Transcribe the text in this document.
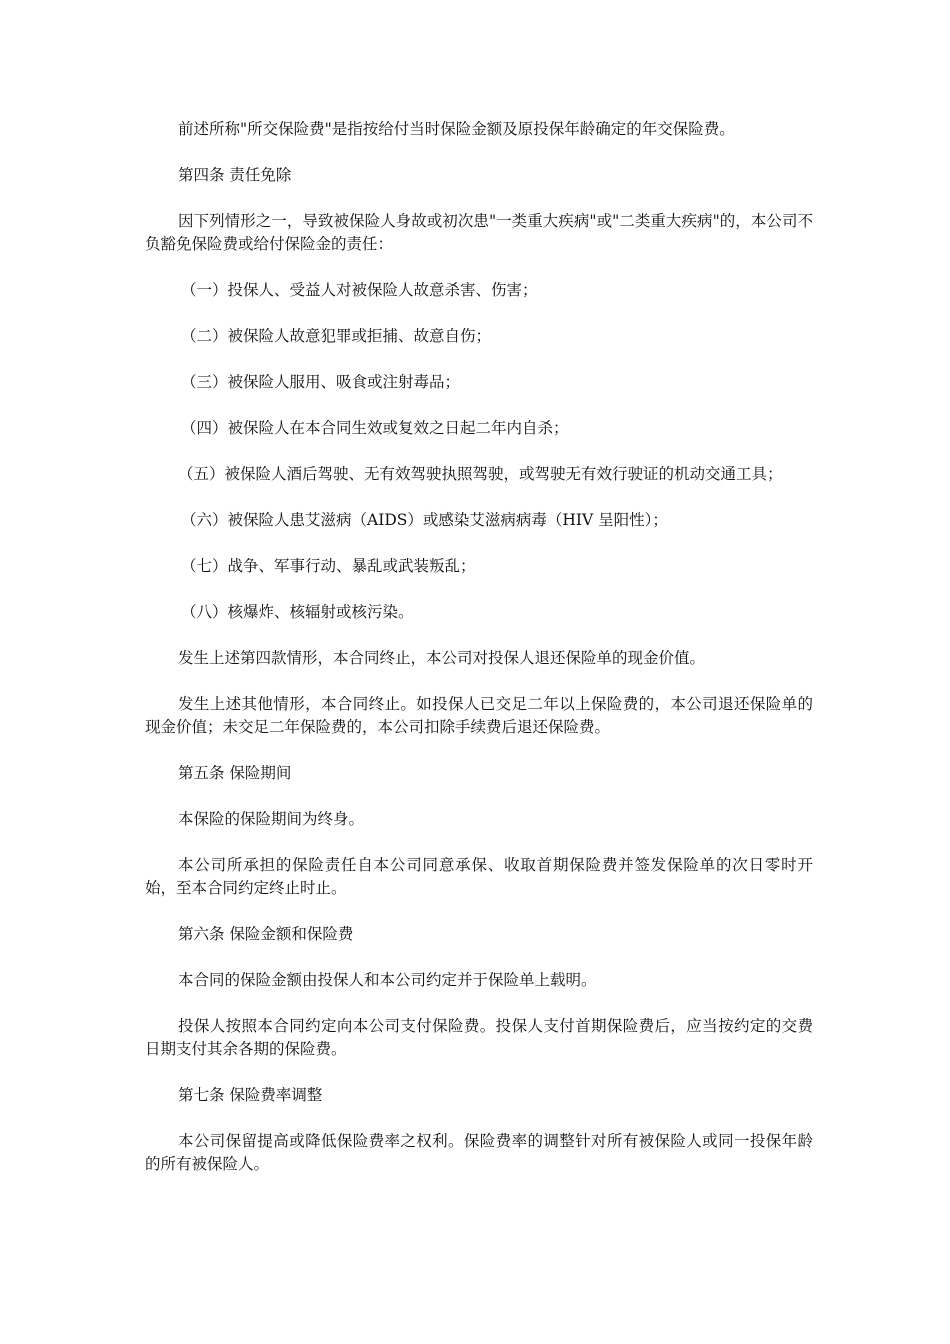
前述所称"所交保险费"是指按给付当时保险金额及原投保年龄确定的年交保险费。

第四条 责任免除

因下列情形之一，导致被保险人身故或初次患"一类重大疾病"或"二类重大疾病"的，本公司不负豁免保险费或给付保险金的责任：

（一）投保人、受益人对被保险人故意杀害、伤害；

（二）被保险人故意犯罪或拒捕、故意自伤；

（三）被保险人服用、吸食或注射毒品；

（四）被保险人在本合同生效或复效之日起二年内自杀；

（五）被保险人酒后驾驶、无有效驾驶执照驾驶，或驾驶无有效行驶证的机动交通工具；

（六）被保险人患艾滋病（AIDS）或感染艾滋病病毒（HIV 呈阳性）；

（七）战争、军事行动、暴乱或武装叛乱；

（八）核爆炸、核辐射或核污染。

发生上述第四款情形，本合同终止，本公司对投保人退还保险单的现金价值。

发生上述其他情形，本合同终止。如投保人已交足二年以上保险费的，本公司退还保险单的现金价值；未交足二年保险费的，本公司扣除手续费后退还保险费。

第五条 保险期间

本保险的保险期间为终身。

本公司所承担的保险责任自本公司同意承保、收取首期保险费并签发保险单的次日零时开始，至本合同约定终止时止。

第六条 保险金额和保险费

本合同的保险金额由投保人和本公司约定并于保险单上载明。

投保人按照本合同约定向本公司支付保险费。投保人支付首期保险费后，应当按约定的交费日期支付其余各期的保险费。

第七条 保险费率调整

本公司保留提高或降低保险费率之权利。保险费率的调整针对所有被保险人或同一投保年龄的所有被保险人。
